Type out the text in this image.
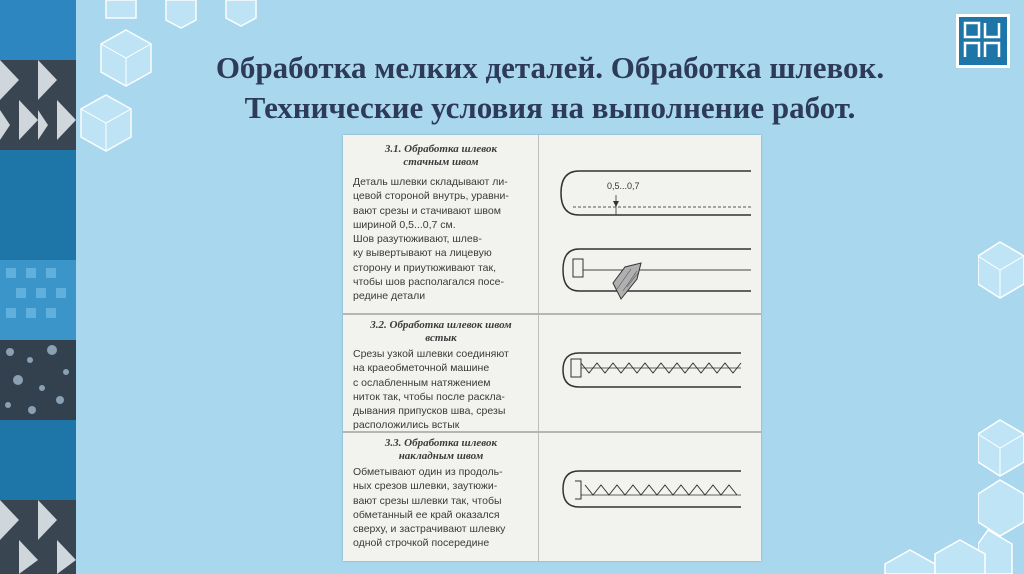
Обработка мелких деталей. Обработка шлевок.
Технические условия на выполнение работ.
3.1. Обработка шлевок
стачным швом
Деталь шлевки складывают ли-
цевой стороной внутрь, уравни-
вают срезы и стачивают швом
шириной 0,5...0,7 см.
Шов разутюживают, шлев-
ку вывертывают на лицевую
сторону и приутюживают так,
чтобы шов располагался посе-
редине детали
3.2. Обработка шлевок швом
встык
Срезы узкой шлевки соединяют
на краеобметочной машине
с ослабленным натяжением
ниток так, чтобы после раскла-
дывания припусков шва, срезы
расположились встык
3.3. Обработка шлевок
накладным швом
Обметывают один из продоль-
ных срезов шлевки, заутюжи-
вают срезы шлевки так, чтобы
обметанный ее край оказался
сверху, и застрачивают шлевку
одной строчкой посередине
0,5...0,7
